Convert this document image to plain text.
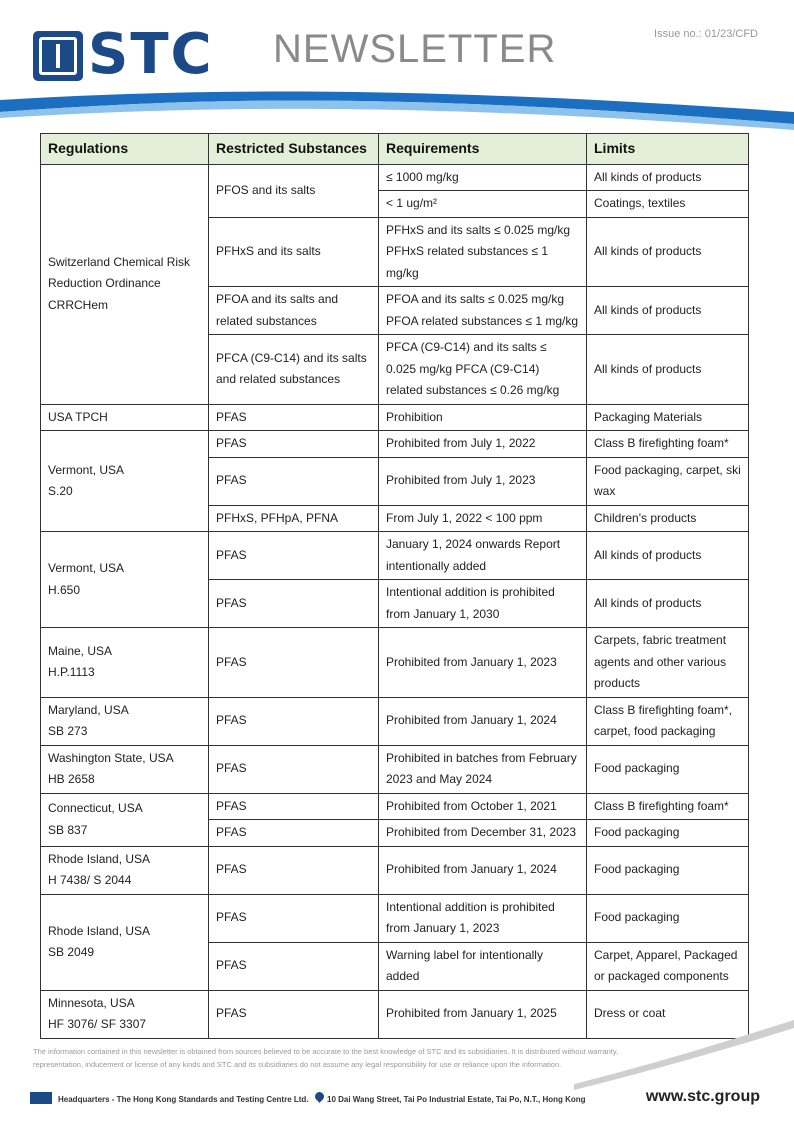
STC NEWSLETTER	Issue no.: 01/23/CFD
Regulations	Restricted Substances	Requirements	Limits

Switzerland Chemical Risk
Reduction Ordinance
CRRCHem	PFOS and its salts	≤ 1000 mg/kg	All kinds of products
		< 1 ug/m²	Coatings, textiles
	PFHxS and its salts	PFHxS and its salts ≤ 0.025 mg/kg PFHxS related substances ≤ 1 mg/kg	All kinds of products
	PFOA and its salts and related substances	PFOA and its salts ≤ 0.025 mg/kg PFOA related substances ≤ 1 mg/kg	All kinds of products
	PFCA (C9-C14) and its salts and related substances	PFCA (C9-C14) and its salts ≤ 0.025 mg/kg PFCA (C9-C14) related substances ≤ 0.26 mg/kg	All kinds of products
USA TPCH	PFAS	Prohibition	Packaging Materials

Vermont, USA
S.20	PFAS	Prohibited from July 1, 2022	Class B firefighting foam*
	PFAS	Prohibited from July 1, 2023	Food packaging, carpet, ski wax
	PFHxS, PFHpA, PFNA	From July 1, 2022 < 100 ppm	Children's products

Vermont, USA
H.650	PFAS	January 1, 2024 onwards Report intentionally added	All kinds of products
	PFAS	Intentional addition is prohibited from January 1, 2030	All kinds of products

Maine, USA
H.P.1113	PFAS	Prohibited from January 1, 2023	Carpets, fabric treatment agents and other various products

Maryland, USA
SB 273	PFAS	Prohibited from January 1, 2024	Class B firefighting foam*, carpet, food packaging

Washington State, USA
HB 2658	PFAS	Prohibited in batches from February 2023 and May 2024	Food packaging

Connecticut, USA
SB 837	PFAS	Prohibited from October 1, 2021	Class B firefighting foam*
	PFAS	Prohibited from December 31, 2023	Food packaging

Rhode Island, USA
H 7438/ S 2044	PFAS	Prohibited from January 1, 2024	Food packaging

Rhode Island, USA
SB 2049	PFAS	Intentional addition is prohibited from January 1, 2023	Food packaging
	PFAS	Warning label for intentionally added	Carpet, Apparel, Packaged or packaged components

Minnesota, USA
HF 3076/ SF 3307	PFAS	Prohibited from January 1, 2025	Dress or coat
The information contained in this newsletter is obtained from sources believed to be accurate to the best knowledge of STC and its subsidiaries. It is distributed without warranty, representation, inducement or license of any kinds and STC and its subsidiaries do not assume any legal responsibility for use or reliance upon the information.
Headquarters - The Hong Kong Standards and Testing Centre Ltd. 10 Dai Wang Street, Tai Po Industrial Estate, Tai Po, N.T., Hong Kong	www.stc.group
